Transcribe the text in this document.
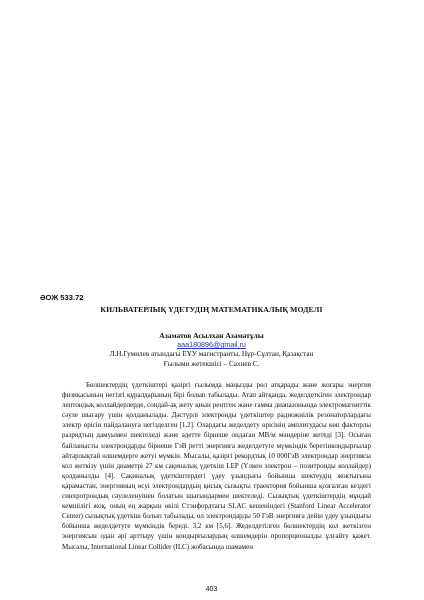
ƏОЖ 533.72
КИЛЬВАТЕРЛЫҚ ҮДЕТУДІҢ МАТЕМАТИКАЛЫҚ МОДЕЛІ
Азаматов Асылхан Азаматұлы
aaa180896@gmail.ru
Л.Н.Гумилев атындағы ЕҰУ магистранты, Нұр-Сұлтан, Қазақстан
Ғылыми жетекшісі – Сахиев С.

Бөлшектердің үдеткіштері қазіргі ғылымда маңызды рөл атқарады және жоғары энергия физикасының негізгі құралдарының бірі болып табылады. Атап айтқанда, жеделдеткіген электрондар лептондық коллайдерлерде, сондай-ақ жету қиын рентген және гамма диапазонында электромагниттік сәуле шығару үшін қолданылады. Дәстүрлі электронды үдеткіштер радиожиілік резонаторлардағы электр өрісін пайдалануға негізделген [1,2]. Олардағы жеделдету өрісінің амплитудасы көп факторлы разрядтың дамуымен шектеледі және әдетте бірнеше ондаған МВ/м мәндеріне жетеді [3]. Осыған байланысты электрондарды бірнеше ГэВ ретті энергияға жеделдетуге мүмкіндік беретінкондырғылар айтарлықтай өлшемдерге жетуі мүмкін. Мысалы, қазіргі рекордтық 10 000ГэВ электрондар энергиясы кол жеткізу үшін диаметрі 27 км сақиналық үдеткіш LEP (Үлкен электрон – позитронды коллайдер) қолданылды [4]. Сақиналық үдеткіштердегі үдеу ұзындығы бойынша шектеудің жоктығына қарамастан, энергияның өсуі электрондардың қисық сызықты траектория бойынша қозғалған кездегі синхротрондық сәулеленуінен болатын шығындармен шектеледі. Сызықтық үдеткіштердің мұндай кемшілігі жоқ, оның ең жарқын өкілі Стэнфордтағы SLAC кешеніндегі (Stanford Linear Accelerator Center) сызықтық үдеткіш болып табылады, ол электрондарды 50 ГэВ энергияға дейін үдеу ұзындығы бойынша жеделдетуге мүмкіндік береді. 3,2 км [5,6]. Жеделдетілген бөлшектердің кол жеткізген энергиясын одан әрі арттыру үшін кондырғылардың өлшемдерін пропорционалды ұлғайту қажет. Мысалы, International Linear Collider (ILC) жобасында шамамен

403
